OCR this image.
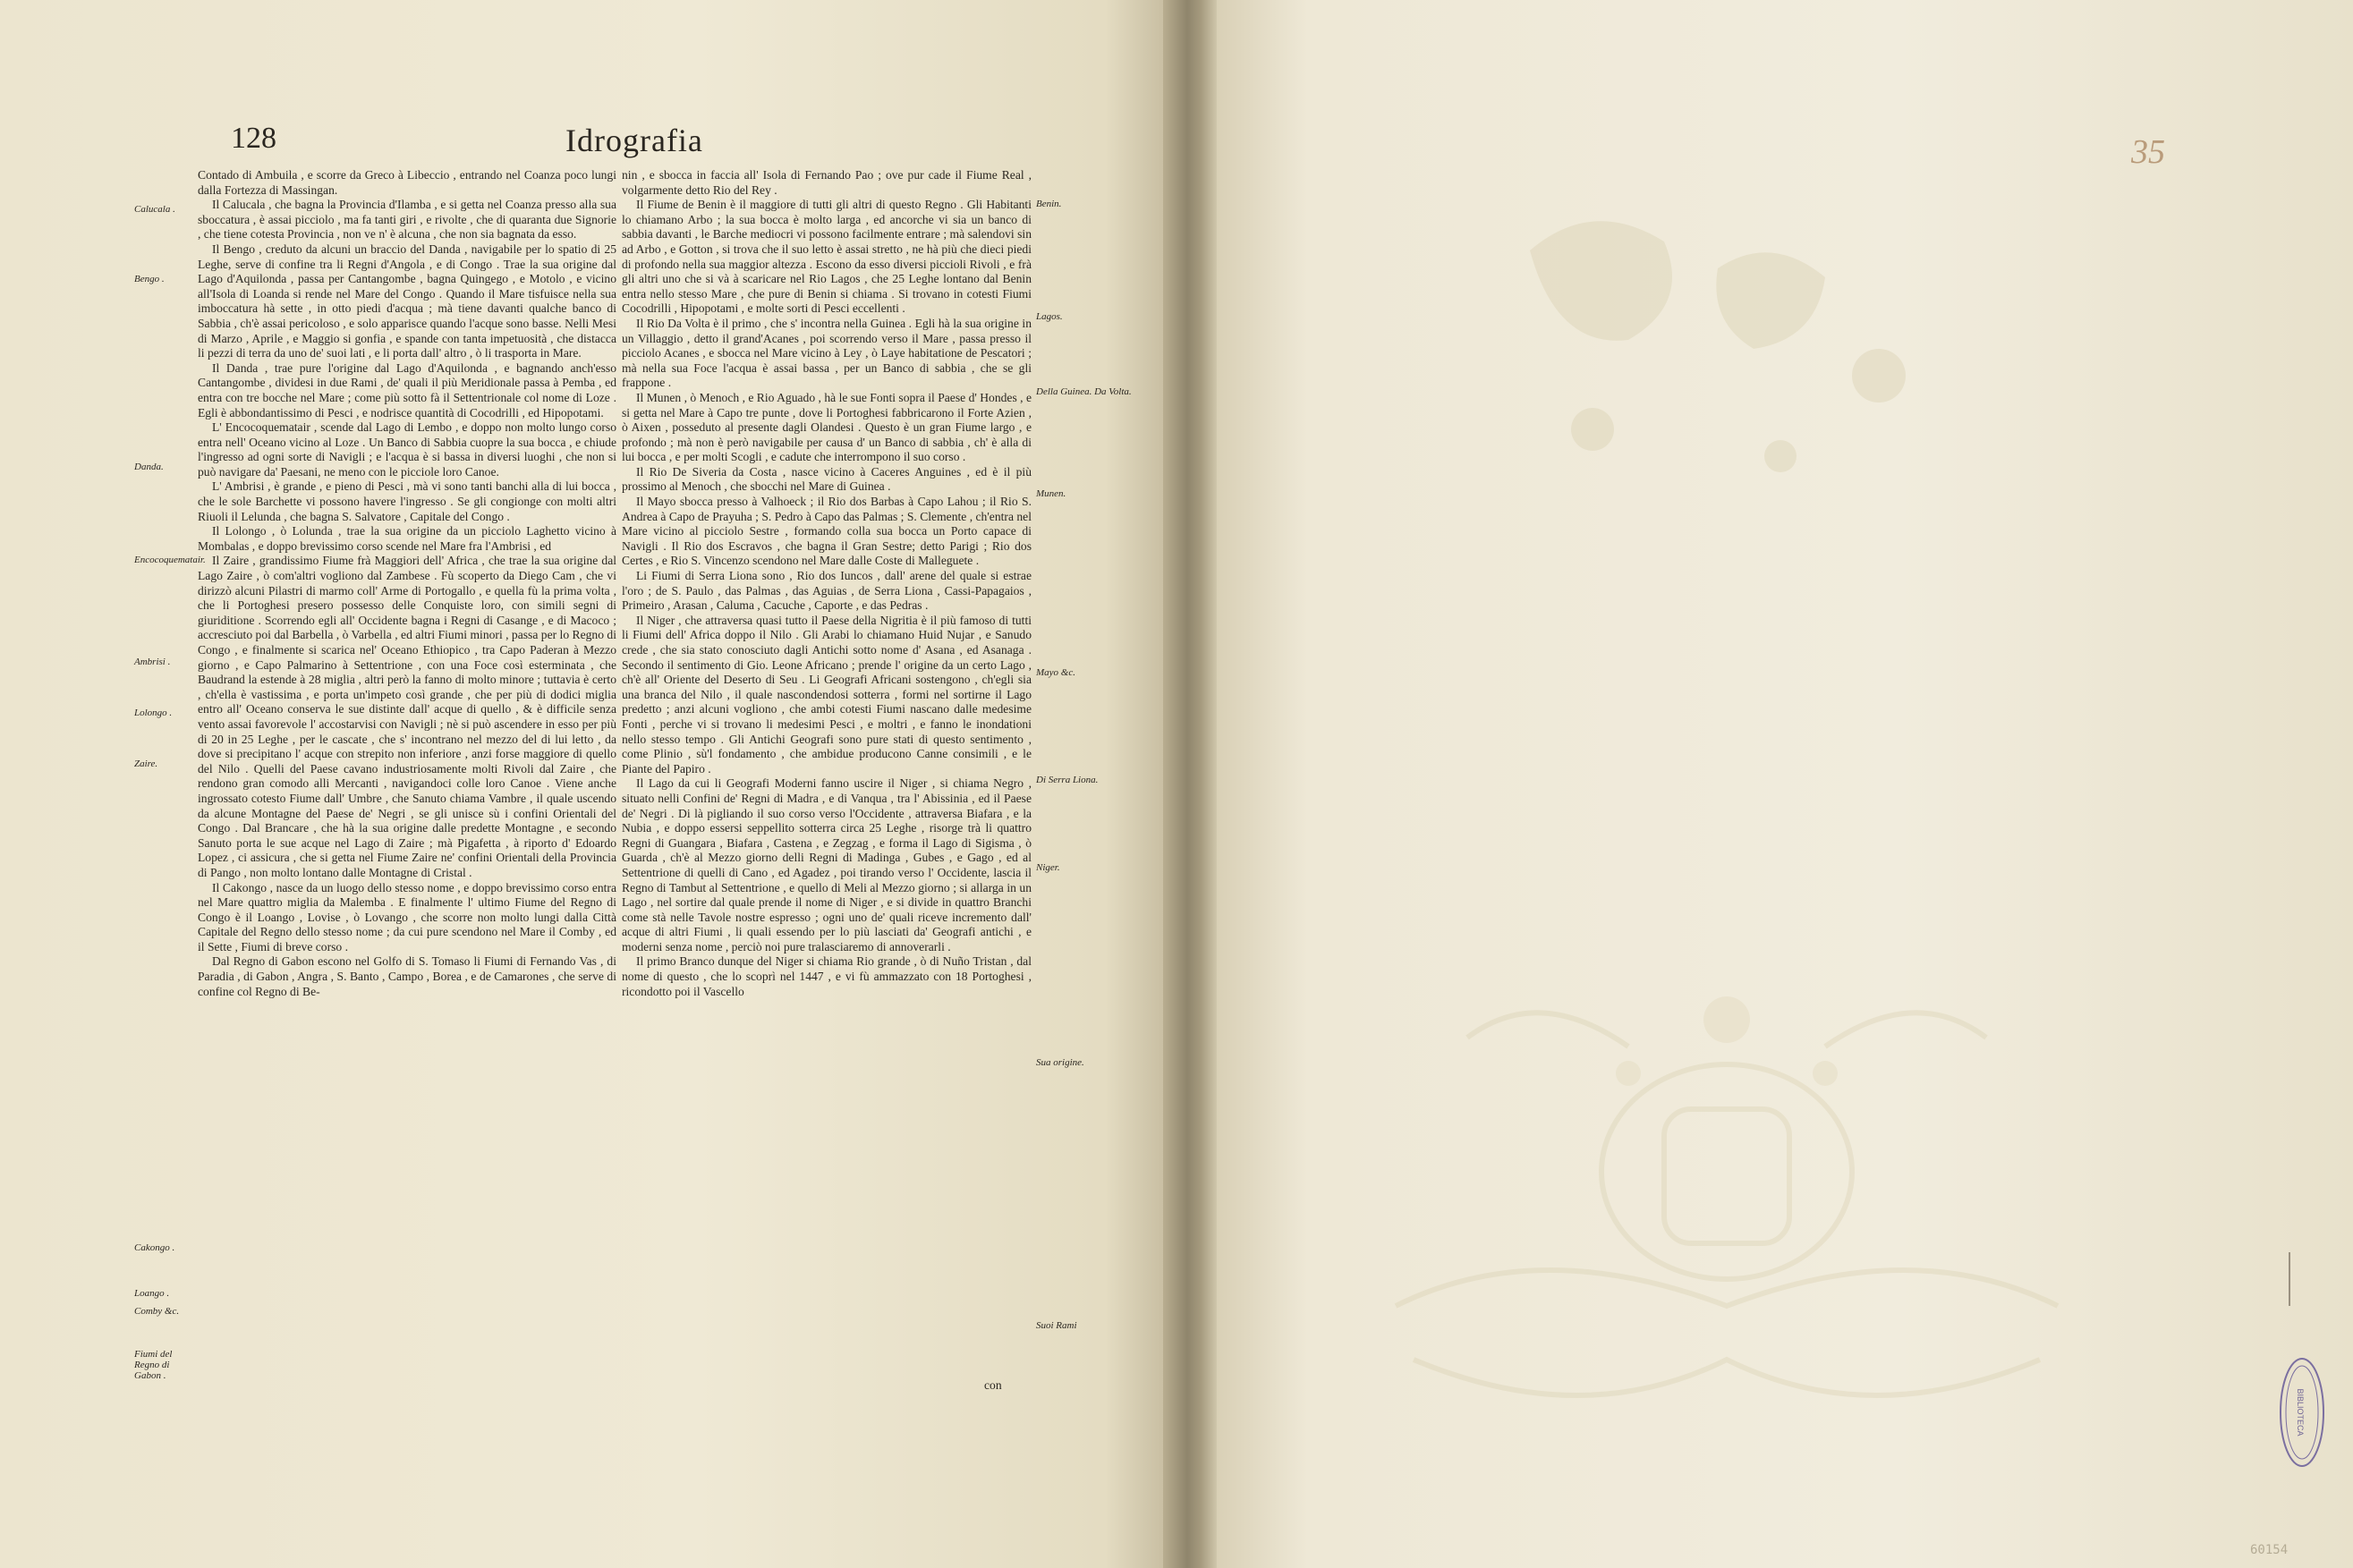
128	Idrografia

Contado di Ambuila , e scorre da Greco à Libeccio , entrando nel Coanza poco lungi dalla Fortezza di Massingan.

Il Calucala , che bagna la Provincia d'Ilamba , e si getta nel Coanza presso alla sua sboccatura , è assai picciolo , ma fa tanti giri , e rivolte , che di quaranta due Signorie , che tiene cotesta Provincia , non ve n' è alcuna , che non sia bagnata da esso.

Il Bengo , creduto da alcuni un braccio del Danda , navigabile per lo spatio di 25 Leghe, serve di confine tra li Regni d'Angola , e di Congo . Trae la sua origine dal Lago d'Aquilonda , passa per Cantangombe , bagna Quingego , e Motolo , e vicino all'Isola di Loanda si rende nel Mare del Congo . Quando il Mare tisfuisce nella sua imboccatura hà sette , in otto piedi d'acqua ; mà tiene davanti qualche banco di Sabbia , ch'è assai pericoloso , e solo apparisce quando l'acque sono basse. Nelli Mesi di Marzo , Aprile , e Maggio si gonfia , e spande con tanta impetuosità , che distacca li pezzi di terra da uno de' suoi lati , e li porta dall' altro , ò li trasporta in Mare.

Il Danda , trae pure l'origine dal Lago d'Aquilonda , e bagnando anch'esso Cantangombe , dividesi in due Rami , de' quali il più Meridionale passa à Pemba , ed entra con tre bocche nel Mare ; come più sotto fà il Settentrionale col nome di Loze . Egli è abbondantissimo di Pesci , e nodrisce quantità di Cocodrilli , ed Hipopotami.

L' Encocoquematair , scende dal Lago di Lembo , e doppo non molto lungo corso entra nell' Oceano vicino al Loze . Un Banco di Sabbia cuopre la sua bocca , e chiude l'ingresso ad ogni sorte di Navigli ; e l'acqua è si bassa in diversi luoghi , che non si può navigare da' Paesani, ne meno con le picciole loro Canoe.

L' Ambrisi , è grande , e pieno di Pesci , mà vi sono tanti banchi alla di lui bocca , che le sole Barchette vi possono havere l'ingresso . Se gli congionge con molti altri Riuoli il Lelunda , che bagna S. Salvatore , Capitale del Congo .

Il Lolongo , ò Lolunda , trae la sua origine da un picciolo Laghetto vicino à Mombalas , e doppo brevissimo corso scende nel Mare fra l'Ambrisi , ed

Il Zaire , grandissimo Fiume frà Maggiori dell' Africa , che trae la sua origine dal Lago Zaire , ò com'altri vogliono dal Zambese . Fù scoperto da Diego Cam , che vi dirizzò alcuni Pilastri di marmo coll' Arme di Portogallo , e quella fù la prima volta , che li Portoghesi presero possesso delle Conquiste loro, con simili segni di giuriditione . Scorrendo egli all' Occidente bagna i Regni di Casange , e di Macoco ; accresciuto poi dal Barbella , ò Varbella , ed altri Fiumi minori , passa per lo Regno di Congo , e finalmente si scarica nel' Oceano Ethiopico , tra Capo Paderan à Mezzo giorno , e Capo Palmarino à Settentrione , con una Foce così esterminata , che Baudrand la estende à 28 miglia , altri però la fanno di molto minore ; tuttavia è certo , ch'ella è vastissima , e porta un'impeto così grande , che per più di dodici miglia entro all' Oceano conserva le sue distinte dall' acque di quello , & è difficile senza vento assai favorevole l' accostarvisi con Navigli ; nè si può ascendere in esso per più di 20 in 25 Leghe , per le cascate , che s' incontrano nel mezzo del di lui letto , da dove si precipitano l' acque con strepito non inferiore , anzi forse maggiore di quello del Nilo . Quelli del Paese cavano industriosamente molti Rivoli dal Zaire , che rendono gran comodo alli Mercanti , navigandoci colle loro Canoe . Viene anche ingrossato cotesto Fiume dall' Umbre , che Sanuto chiama Vambre , il quale uscendo da alcune Montagne del Paese de' Negri , se gli unisce sù i confini Orientali del Congo . Dal Brancare , che hà la sua origine dalle predette Montagne , e secondo Sanuto porta le sue acque nel Lago di Zaire ; mà Pigafetta , à riporto d' Edoardo Lopez , ci assicura , che si getta nel Fiume Zaire ne' confini Orientali della Provincia di Pango , non molto lontano dalle Montagne di Cristal .

Il Cakongo , nasce da un luogo dello stesso nome , e doppo brevissimo corso entra nel Mare quattro miglia da Malemba . E finalmente l' ultimo Fiume del Regno di Congo è il Loango , Lovise , ò Lovango , che scorre non molto lungi dalla Città Capitale del Regno dello stesso nome ; da cui pure scendono nel Mare il Comby , ed il Sette , Fiumi di breve corso .

Dal Regno di Gabon escono nel Golfo di S. Tomaso li Fiumi di Fernando Vas , di Paradia , di Gabon , Angra , S. Banto , Campo , Borea , e de Camarones , che serve di confine col Regno di Be-

nin , e sbocca in faccia all' Isola di Fernando Pao ; ove pur cade il Fiume Real , volgarmente detto Rio del Rey .

Il Fiume de Benin è il maggiore di tutti gli altri di questo Regno . Gli Habitanti lo chiamano Arbo ; la sua bocca è molto larga , ed ancorche vi sia un banco di sabbia davanti , le Barche mediocri vi possono facilmente entrare ; mà salendovi sin ad Arbo , e Gotton , si trova che il suo letto è assai stretto , ne hà più che dieci piedi di profondo nella sua maggior altezza . Escono da esso diversi piccioli Rivoli , e frà gli altri uno che si và à scaricare nel Rio Lagos , che 25 Leghe lontano dal Benin entra nello stesso Mare , che pure di Benin si chiama . Si trovano in cotesti Fiumi Cocodrilli , Hipopotami , e molte sorti di Pesci eccellenti .

Il Rio Da Volta è il primo , che s' incontra nella Guinea . Egli hà la sua origine in un Villaggio , detto il grand'Acanes , poi scorrendo verso il Mare , passa presso il picciolo Acanes , e sbocca nel Mare vicino à Ley , ò Laye habitatione de Pescatori ; mà nella sua Foce l'acqua è assai bassa , per un Banco di sabbia , che se gli frappone .

Il Munen , ò Menoch , e Rio Aguado , hà le sue Fonti sopra il Paese d' Hondes , e si getta nel Mare à Capo tre punte , dove li Portoghesi fabbricarono il Forte Azien , ò Aixen , posseduto al presente dagli Olandesi . Questo è un gran Fiume largo , e profondo ; mà non è però navigabile per causa d' un Banco di sabbia , ch' è alla di lui bocca , e per molti Scogli , e cadute che interrompono il suo corso .

Il Rio De Siveria da Costa , nasce vicino à Caceres Anguines , ed è il più prossimo al Menoch , che sbocchi nel Mare di Guinea .

Il Mayo sbocca presso à Valhoeck ; il Rio dos Barbas à Capo Lahou ; il Rio S. Andrea à Capo de Prayuha ; S. Pedro à Capo das Palmas ; S. Clemente , ch'entra nel Mare vicino al picciolo Sestre , formando colla sua bocca un Porto capace di Navigli . Il Rio dos Escravos , che bagna il Gran Sestre; detto Parigi ; Rio dos Certes , e Rio S. Vincenzo scendono nel Mare dalle Coste di Malleguete .

Li Fiumi di Serra Liona sono , Rio dos Iuncos , dall' arene del quale si estrae l'oro ; de S. Paulo , das Palmas , das Aguias , de Serra Liona , Cassi-Papagaios , Primeiro , Arasan , Caluma , Cacuche , Caporte , e das Pedras .

Il Niger , che attraversa quasi tutto il Paese della Nigritia è il più famoso di tutti li Fiumi dell' Africa doppo il Nilo . Gli Arabi lo chiamano Huid Nujar , e Sanudo crede , che sia stato conosciuto dagli Antichi sotto nome d' Asana , ed Asanaga . Secondo il sentimento di Gio. Leone Africano ; prende l' origine da un certo Lago , ch'è all' Oriente del Deserto di Seu . Li Geografi Africani sostengono , ch'egli sia una branca del Nilo , il quale nascondendosi sotterra , formi nel sortirne il Lago predetto ; anzi alcuni vogliono , che ambi cotesti Fiumi nascano dalle medesime Fonti , perche vi si trovano li medesimi Pesci , e moltri , e fanno le inondationi nello stesso tempo . Gli Antichi Geografi sono pure stati di questo sentimento , come Plinio , sù'l fondamento , che ambidue producono Canne consimili , e le Piante del Papiro .

Il Lago da cui li Geografi Moderni fanno uscire il Niger , si chiama Negro , situato nelli Confini de' Regni di Madra , e di Vanqua , tra l' Abissinia , ed il Paese de' Negri . Di là pigliando il suo corso verso l'Occidente , attraversa Biafara , e la Nubia , e doppo essersi seppellito sotterra circa 25 Leghe , risorge trà li quattro Regni di Guangara , Biafara , Castena , e Zegzag , e forma il Lago di Sigisma , ò Guarda , ch'è al Mezzo giorno delli Regni di Madinga , Gubes , e Gago , ed al Settentrione di quelli di Cano , ed Agadez , poi tirando verso l' Occidente, lascia il Regno di Tambut al Settentrione , e quello di Meli al Mezzo giorno ; si allarga in un Lago , nel sortire dal quale prende il nome di Niger , e si divide in quattro Branchi come stà nelle Tavole nostre espresso ; ogni uno de' quali riceve incremento dall' acque di altri Fiumi , li quali essendo per lo più lasciati da' Geografi antichi , e moderni senza nome , perciò noi pure tralasciaremo di annoverarli .

Il primo Branco dunque del Niger si chiama Rio grande , ò di Nuño Tristan , dal nome di questo , che lo scoprì nel 1447 , e vi fù ammazzato con 18 Portoghesi , ricondotto poi il Vascello

Calucala .
Bengo .
Danda.
Encocoquematair.
Ambrisi .
Lolongo .
Zaire.
Cakongo .
Loango .
Comby &c.
Fiumi del Regno di Gabon .
Benin.
Lagos.
Della Guinea. Da Volta.
Munen.
Mayo &c.
Di Serra Liona.
Niger.
Sua origine.
Suoi Rami
con
35
BIBLIOTECA
60154
